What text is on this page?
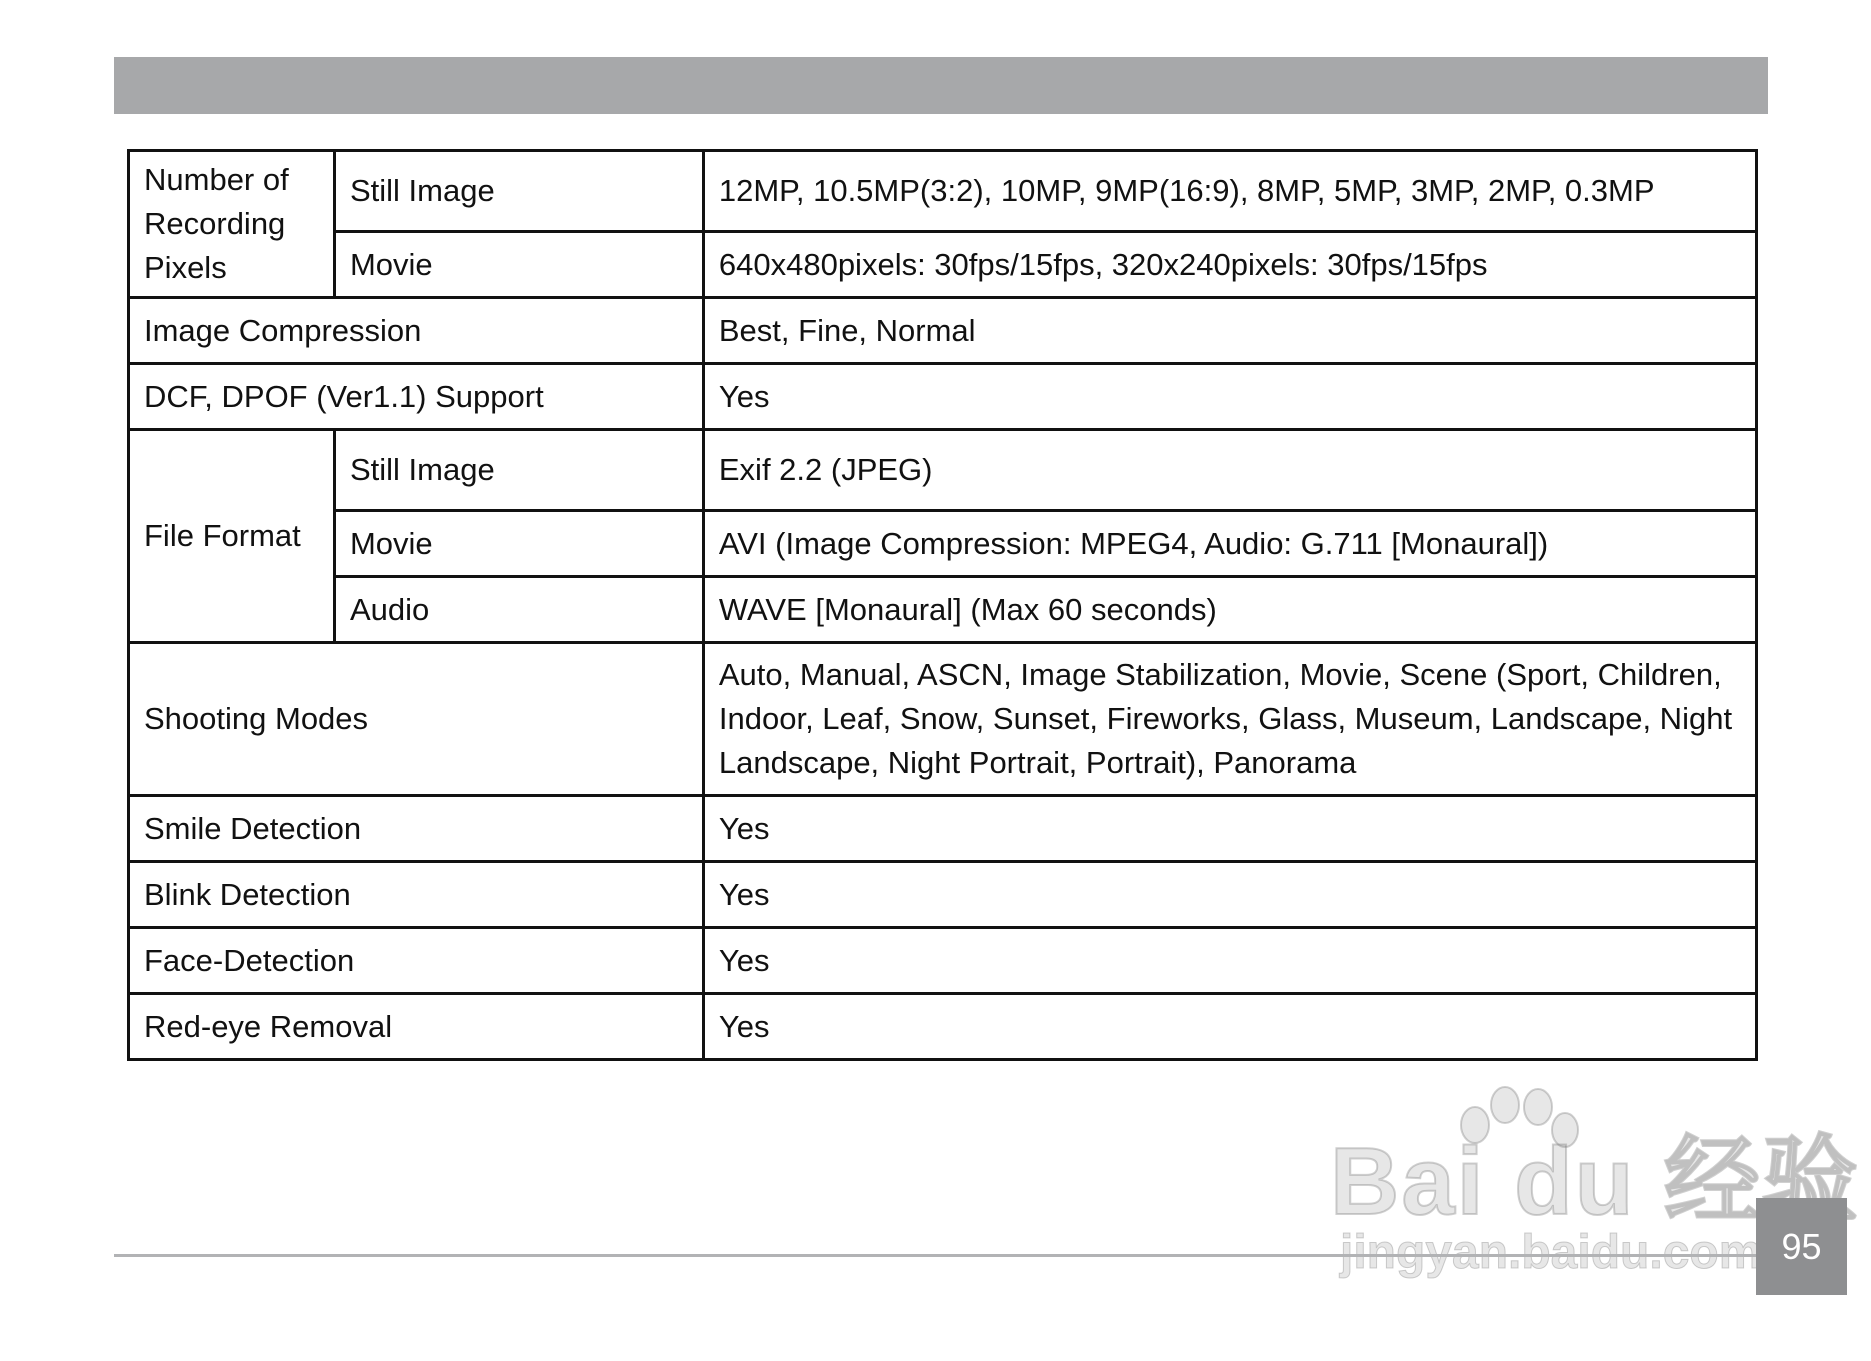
Number of Recording Pixels	Still Image	12MP, 10.5MP(3:2), 10MP, 9MP(16:9), 8MP, 5MP, 3MP, 2MP, 0.3MP
	Movie	640x480pixels: 30fps/15fps, 320x240pixels: 30fps/15fps
Image Compression		Best, Fine, Normal
DCF, DPOF (Ver1.1) Support		Yes
File Format	Still Image	Exif 2.2 (JPEG)
	Movie	AVI (Image Compression: MPEG4, Audio: G.711 [Monaural])
	Audio	WAVE [Monaural] (Max 60 seconds)
Shooting Modes		Auto, Manual, ASCN, Image Stabilization, Movie, Scene (Sport, Children, Indoor, Leaf, Snow, Sunset, Fireworks, Glass, Museum, Landscape, Night Landscape, Night Portrait, Portrait), Panorama
Smile Detection		Yes
Blink Detection		Yes
Face-Detection		Yes
Red-eye Removal		Yes
Bai du 经验
jingyan.baidu.com 95
